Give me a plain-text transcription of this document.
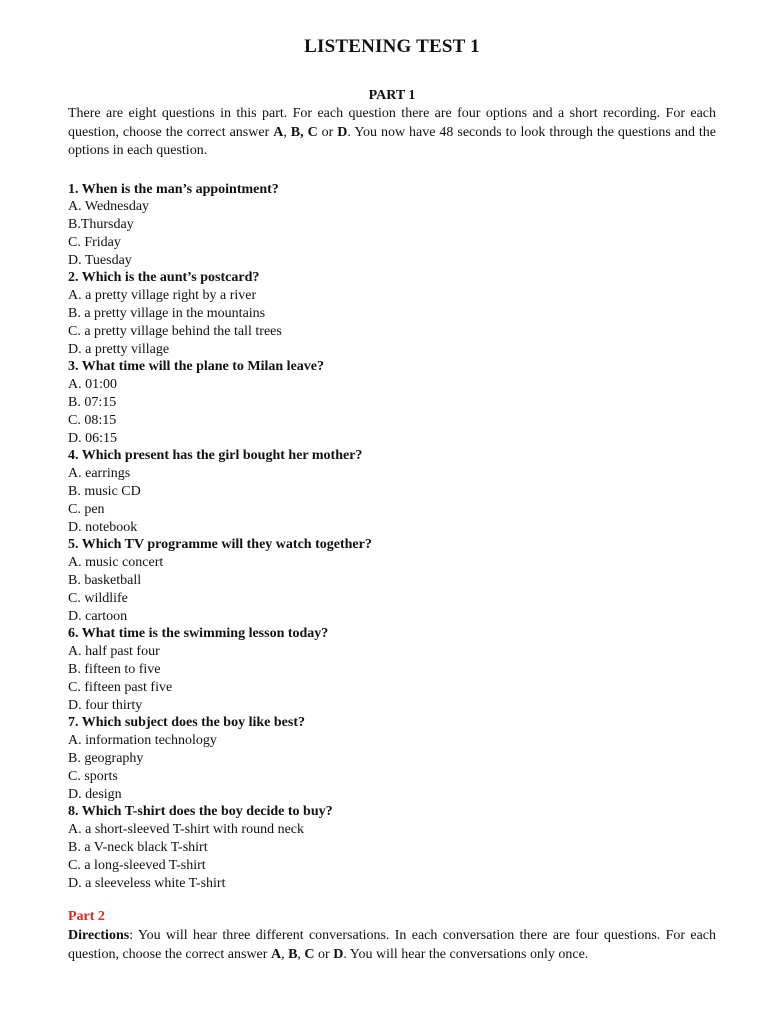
LISTENING TEST 1
PART 1

There are eight questions in this part. For each question there are four options and a short recording. For each question, choose the correct answer A, B, C or D. You now have 48 seconds to look through the questions and the options in each question.

1. When is the man’s appointment?
A. Wednesday
B.Thursday
C. Friday
D. Tuesday
2. Which is the aunt’s postcard?
A. a pretty village right by a river
B. a pretty village in the mountains
C. a pretty village behind the tall trees
D. a pretty village
3. What time will the plane to Milan leave?
A. 01:00
B. 07:15
C. 08:15
D. 06:15
4. Which present has the girl bought her mother?
A. earrings
B. music CD
C. pen
D. notebook
5. Which TV programme will they watch together?
A. music concert
B. basketball
C. wildlife
D. cartoon
6. What time is the swimming lesson today?
A. half past four
B. fifteen to five
C. fifteen past five
D. four thirty
7. Which subject does the boy like best?
A. information technology
B. geography
C. sports
D. design
8. Which T-shirt does the boy decide to buy?
A. a short-sleeved T-shirt with round neck
B. a V-neck black T-shirt
C. a long-sleeved T-shirt
D. a sleeveless white T-shirt
Part 2

Directions: You will hear three different conversations. In each conversation there are four questions. For each question, choose the correct answer A, B, C or D. You will hear the conversations only once.
